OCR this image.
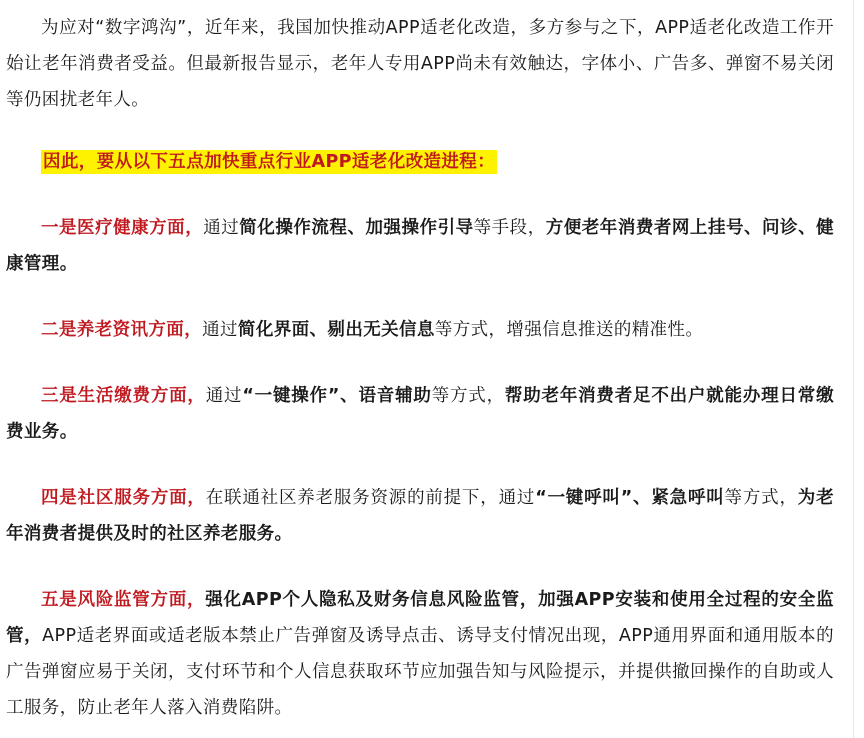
为应对“数字鸿沟”，近年来，我国加快推动APP适老化改造，多方参与之下，APP适老化改造工作开始让老年消费者受益。但最新报告显示，老年人专用APP尚未有效触达，字体小、广告多、弹窗不易关闭等仍困扰老年人。

因此，要从以下五点加快重点行业APP适老化改造进程：

一是医疗健康方面，通过简化操作流程、加强操作引导等手段，方便老年消费者网上挂号、问诊、健康管理。

二是养老资讯方面，通过简化界面、剔出无关信息等方式，增强信息推送的精准性。

三是生活缴费方面，通过“一键操作”、语音辅助等方式，帮助老年消费者足不出户就能办理日常缴费业务。

四是社区服务方面，在联通社区养老服务资源的前提下，通过“一键呼叫”、紧急呼叫等方式，为老年消费者提供及时的社区养老服务。

五是风险监管方面，强化APP个人隐私及财务信息风险监管，加强APP安装和使用全过程的安全监管，APP适老界面或适老版本禁止广告弹窗及诱导点击、诱导支付情况出现，APP通用界面和通用版本的广告弹窗应易于关闭，支付环节和个人信息获取环节应加强告知与风险提示，并提供撤回操作的自助或人工服务，防止老年人落入消费陷阱。
